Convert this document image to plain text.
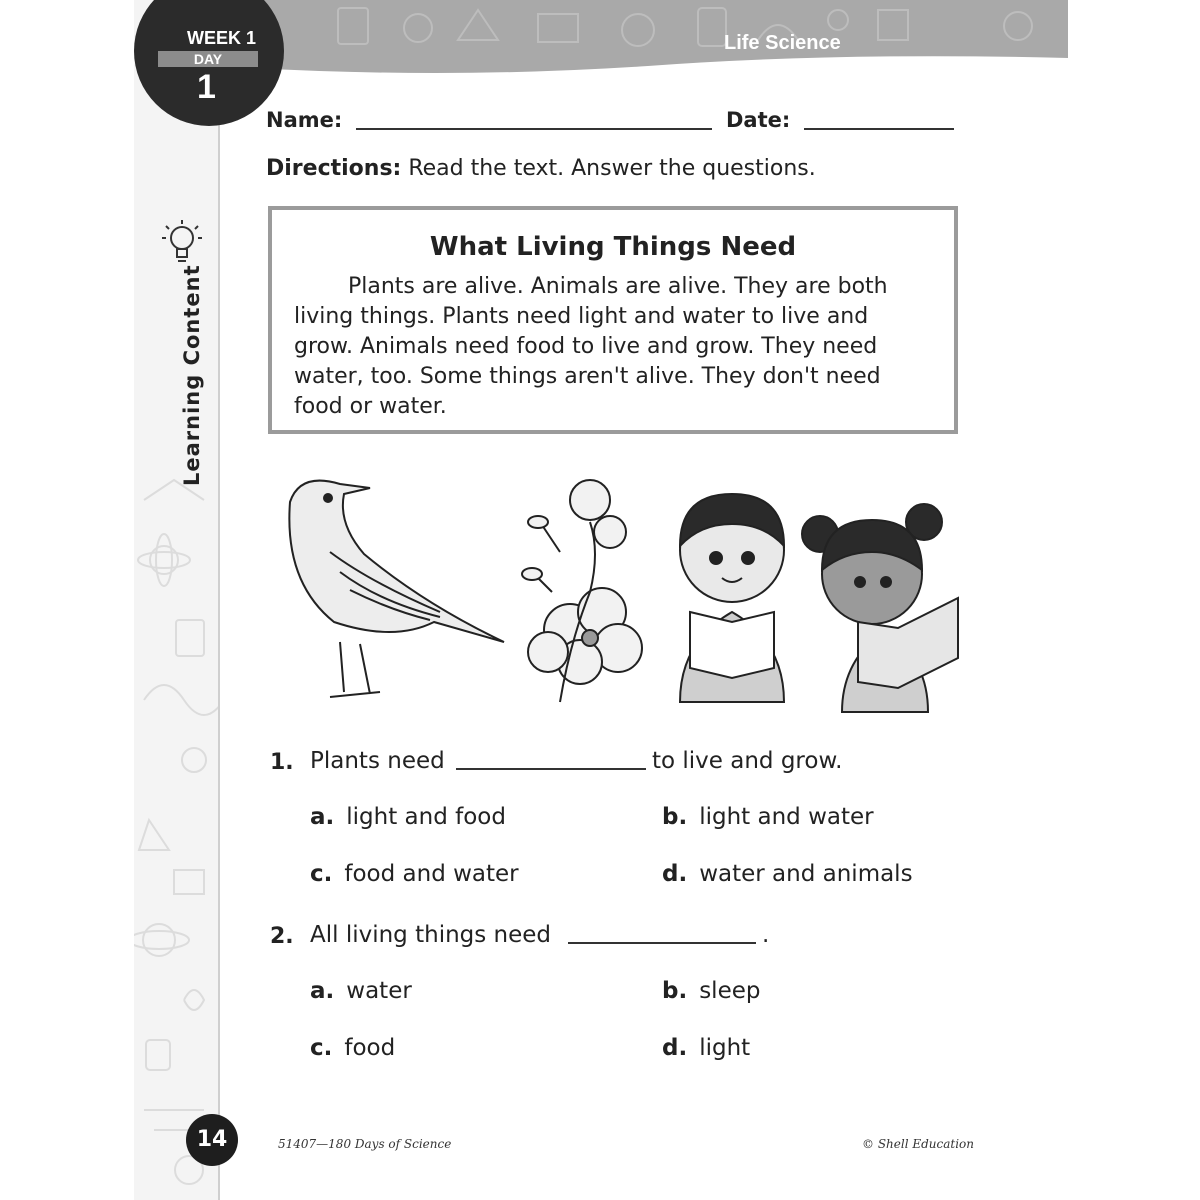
Life Science
WEEK 1
DAY
1
Learning Content
Name:	Date:
Directions: Read the text. Answer the questions.
What Living Things Need
Plants are alive. Animals are alive. They are both living things. Plants need light and water to live and grow. Animals need food to live and grow. They need water, too. Some things aren't alive. They don't need food or water.
1. Plants need	to live and grow.
a. light and food	b. light and water
c. food and water	d. water and animals
2. All living things need	.
a. water	b. sleep
c. food	d. light
14	51407—180 Days of Science	© Shell Education
